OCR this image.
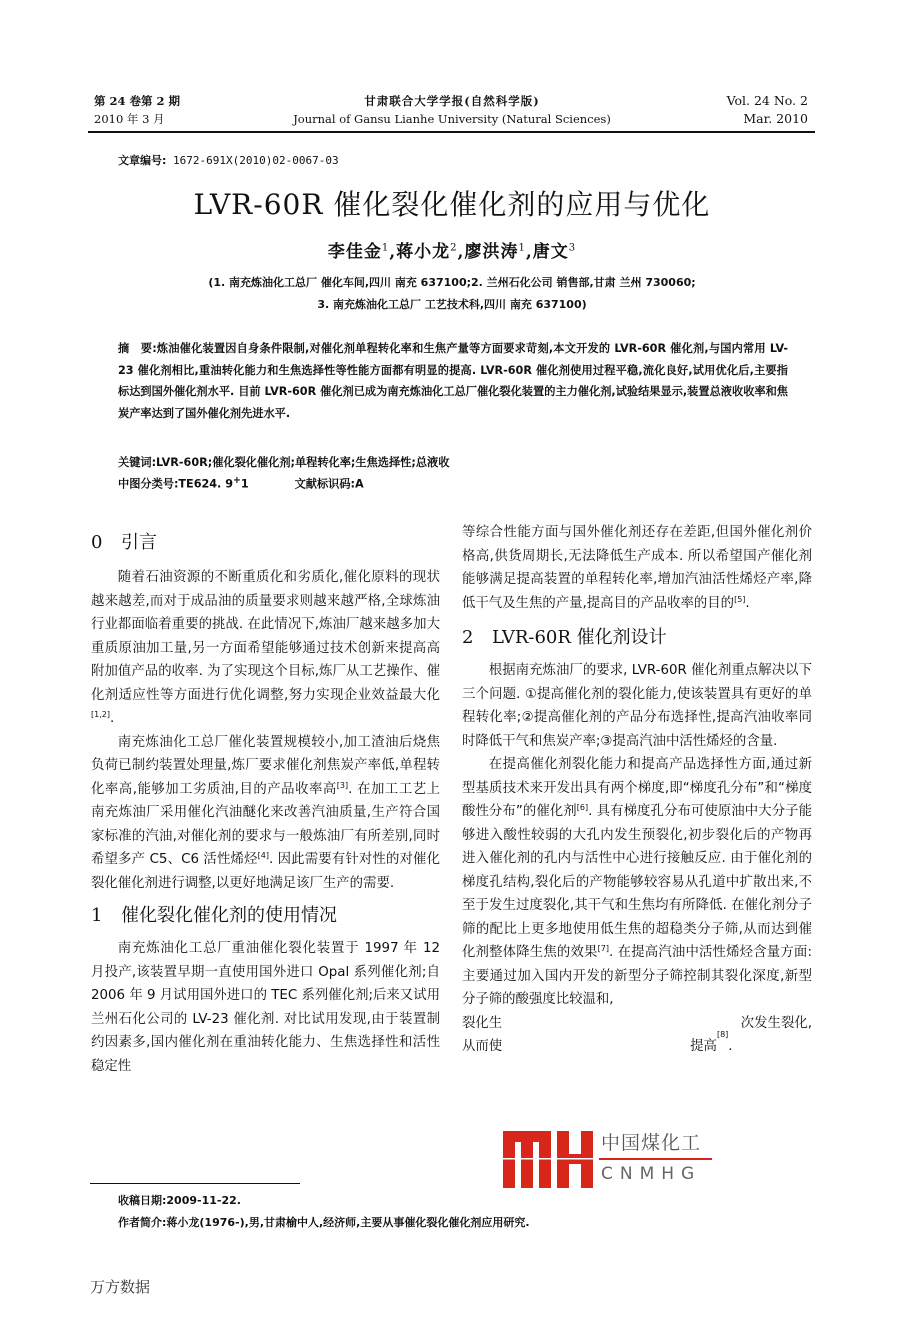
第 24 卷第 2 期
2010 年 3 月
甘肃联合大学学报(自然科学版)
Journal of Gansu Lianhe University (Natural Sciences)
Vol. 24 No. 2
Mar. 2010
文章编号: 1672-691X(2010)02-0067-03
LVR-60R 催化裂化催化剂的应用与优化
李佳金$^1$,蒋小龙$^2$,廖洪涛$^1$,唐文$^3$
(1. 南充炼油化工总厂 催化车间,四川 南充 637100;2. 兰州石化公司 销售部,甘肃 兰州 730060;
3. 南充炼油化工总厂 工艺技术科,四川 南充 637100)
摘　要:炼油催化装置因自身条件限制,对催化剂单程转化率和生焦产量等方面要求苛刻,本文开发的 LVR-60R 催化剂,与国内常用 LV-23 催化剂相比,重油转化能力和生焦选择性等性能方面都有明显的提高. LVR-60R 催化剂使用过程平稳,流化良好,试用优化后,主要指标达到国外催化剂水平. 目前 LVR-60R 催化剂已成为南充炼油化工总厂催化裂化装置的主力催化剂,试验结果显示,装置总液收收率和焦炭产率达到了国外催化剂先进水平.
关键词:LVR-60R;催化裂化催化剂;单程转化率;生焦选择性;总液收
中图分类号:TE624. 9+1	文献标识码:A
0 引言

随着石油资源的不断重质化和劣质化,催化原料的现状越来越差,而对于成品油的质量要求则越来越严格,全球炼油行业都面临着重要的挑战. 在此情况下,炼油厂越来越多加大重质原油加工量,另一方面希望能够通过技术创新来提高高附加值产品的收率. 为了实现这个目标,炼厂从工艺操作、催化剂适应性等方面进行优化调整,努力实现企业效益最大化[1,2].

南充炼油化工总厂催化装置规模较小,加工渣油后烧焦负荷已制约装置处理量,炼厂要求催化剂焦炭产率低,单程转化率高,能够加工劣质油,目的产品收率高[3]. 在加工工艺上南充炼油厂采用催化汽油醚化来改善汽油质量,生产符合国家标准的汽油,对催化剂的要求与一般炼油厂有所差别,同时希望多产 C5、C6 活性烯烃[4]. 因此需要有针对性的对催化裂化催化剂进行调整,以更好地满足该厂生产的需要.

1 催化裂化催化剂的使用情况

南充炼油化工总厂重油催化裂化装置于 1997 年 12 月投产,该装置早期一直使用国外进口 Opal 系列催化剂;自 2006 年 9 月试用国外进口的 TEC 系列催化剂;后来又试用兰州石化公司的 LV-23 催化剂. 对比试用发现,由于装置制约因素多,国内催化剂在重油转化能力、生焦选择性和活性稳定性

等综合性能方面与国外催化剂还存在差距,但国外催化剂价格高,供货周期长,无法降低生产成本. 所以希望国产催化剂能够满足提高装置的单程转化率,增加汽油活性烯烃产率,降低干气及生焦的产量,提高目的产品收率的目的[5].

2 LVR-60R 催化剂设计

根据南充炼油厂的要求, LVR-60R 催化剂重点解决以下三个问题. ①提高催化剂的裂化能力,使该装置具有更好的单程转化率;②提高催化剂的产品分布选择性,提高汽油收率同时降低干气和焦炭产率;③提高汽油中活性烯烃的含量.

在提高催化剂裂化能力和提高产品选择性方面,通过新型基质技术来开发出具有两个梯度,即“梯度孔分布”和“梯度酸性分布”的催化剂[6]. 具有梯度孔分布可使原油中大分子能够进入酸性较弱的大孔内发生预裂化,初步裂化后的产物再进入催化剂的孔内与活性中心进行接触反应. 由于催化剂的梯度孔结构,裂化后的产物能够较容易从孔道中扩散出来,不至于发生过度裂化,其干气和生焦均有所降低. 在催化剂分子筛的配比上更多地使用低生焦的超稳类分子筛,从而达到催化剂整体降生焦的效果[7]. 在提高汽油中活性烯烃含量方面:主要通过加入国内开发的新型分子筛控制其裂化深度,新型分子筛的酸强度比较温和,

裂化生	次发生裂化,
从而使	提高
[8]
.
中国煤化工
CNMHG
收稿日期:2009-11-22.
作者简介:蒋小龙(1976-),男,甘肃榆中人,经济师,主要从事催化裂化催化剂应用研究.
万方数据
